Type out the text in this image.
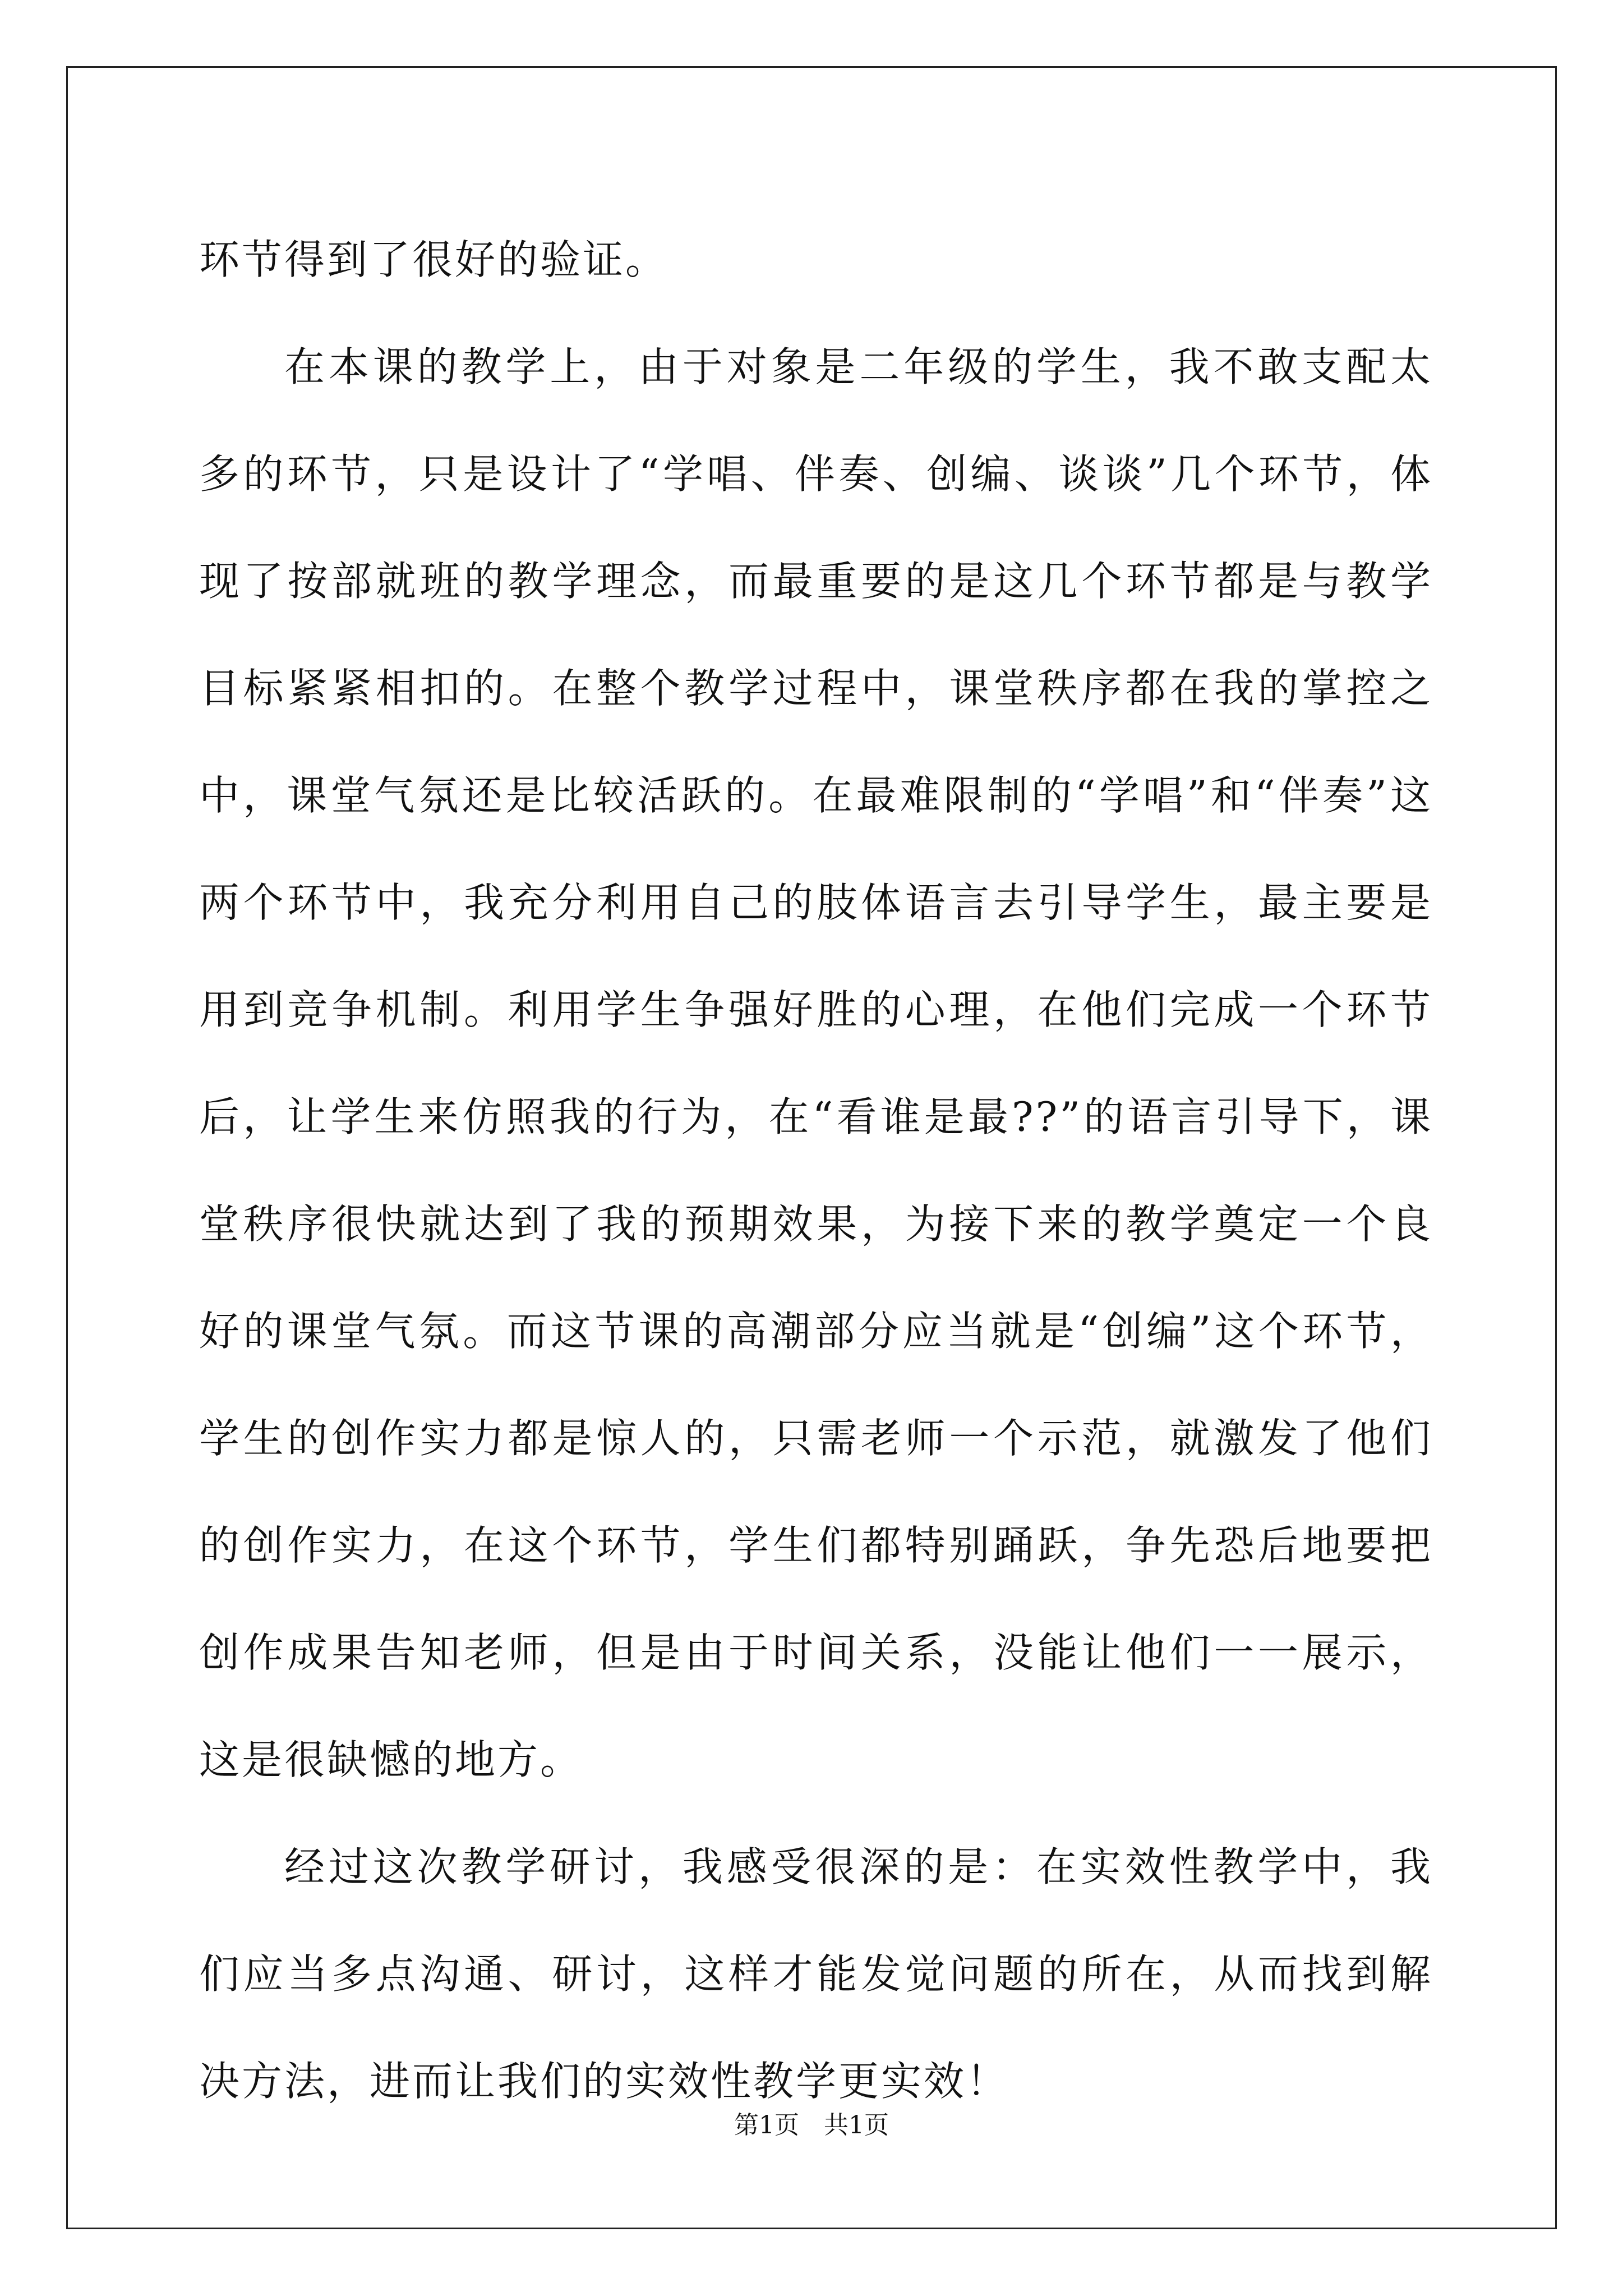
环节得到了很好的验证。

在本课的教学上，由于对象是二年级的学生，我不敢支配太多的环节，只是设计了“学唱、伴奏、创编、谈谈”几个环节，体现了按部就班的教学理念，而最重要的是这几个环节都是与教学目标紧紧相扣的。在整个教学过程中，课堂秩序都在我的掌控之中，课堂气氛还是比较活跃的。在最难限制的“学唱”和“伴奏”这两个环节中，我充分利用自己的肢体语言去引导学生，最主要是用到竞争机制。利用学生争强好胜的心理，在他们完成一个环节后，让学生来仿照我的行为，在“看谁是最??”的语言引导下，课堂秩序很快就达到了我的预期效果，为接下来的教学奠定一个良好的课堂气氛。而这节课的高潮部分应当就是“创编”这个环节，学生的创作实力都是惊人的，只需老师一个示范，就激发了他们的创作实力，在这个环节，学生们都特别踊跃，争先恐后地要把创作成果告知老师，但是由于时间关系，没能让他们一一展示，这是很缺憾的地方。

经过这次教学研讨，我感受很深的是：在实效性教学中，我们应当多点沟通、研讨，这样才能发觉问题的所在，从而找到解决方法，进而让我们的实效性教学更实效！

第1页 共1页
